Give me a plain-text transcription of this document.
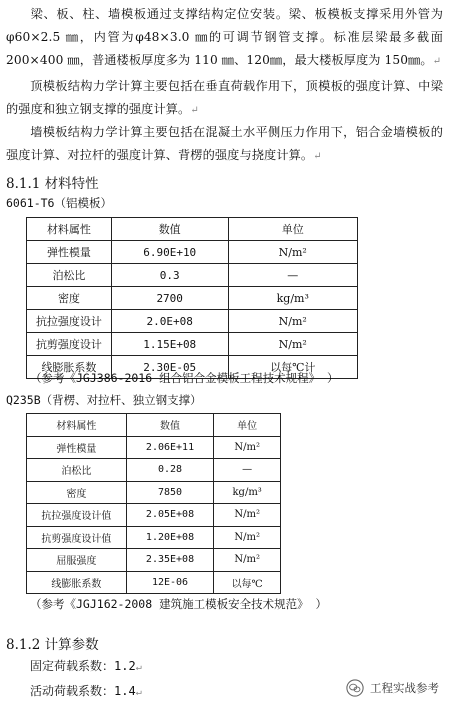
梁、板、柱、墙模板通过支撑结构定位安装。梁、板模板支撑采用外管为φ60×2.5 ㎜，内管为φ48×3.0 ㎜的可调节钢管支撑。标准层梁最多截面 200×400 ㎜，普通楼板厚度多为 110 ㎜、120㎜，最大楼板厚度为 150㎜。↵

顶模板结构力学计算主要包括在垂直荷载作用下，顶模板的强度计算、中梁的强度和独立钢支撑的强度计算。↵

墙模板结构力学计算主要包括在混凝土水平侧压力作用下，铝合金墙模板的强度计算、对拉杆的强度计算、背楞的强度与挠度计算。↵

8.1.1 材料特性

6061-T6（铝模板）

材料属性	数值	单位
弹性模量	6.90E+10	N/m²
泊松比	0.3	—
密度	2700	kg/m³
抗拉强度设计	2.0E+08	N/m²
抗剪强度设计	1.15E+08	N/m²
线膨胀系数	2.30E-05	以每℃计

（参考《JGJ386-2016 组合铝合金模板工程技术规程》 ）

Q235B（背楞、对拉杆、独立钢支撑）

材料属性	数值	单位
弹性模量	2.06E+11	N/m²
泊松比	0.28	—
密度	7850	kg/m³
抗拉强度设计值	2.05E+08	N/m²
抗剪强度设计值	1.20E+08	N/m²
屈服强度	2.35E+08	N/m²
线膨胀系数	12E-06	以每℃

（参考《JGJ162-2008 建筑施工模板安全技术规范》 ）

8.1.2 计算参数

固定荷载系数：1.2↵

活动荷载系数：1.4↵	工程实战参考
